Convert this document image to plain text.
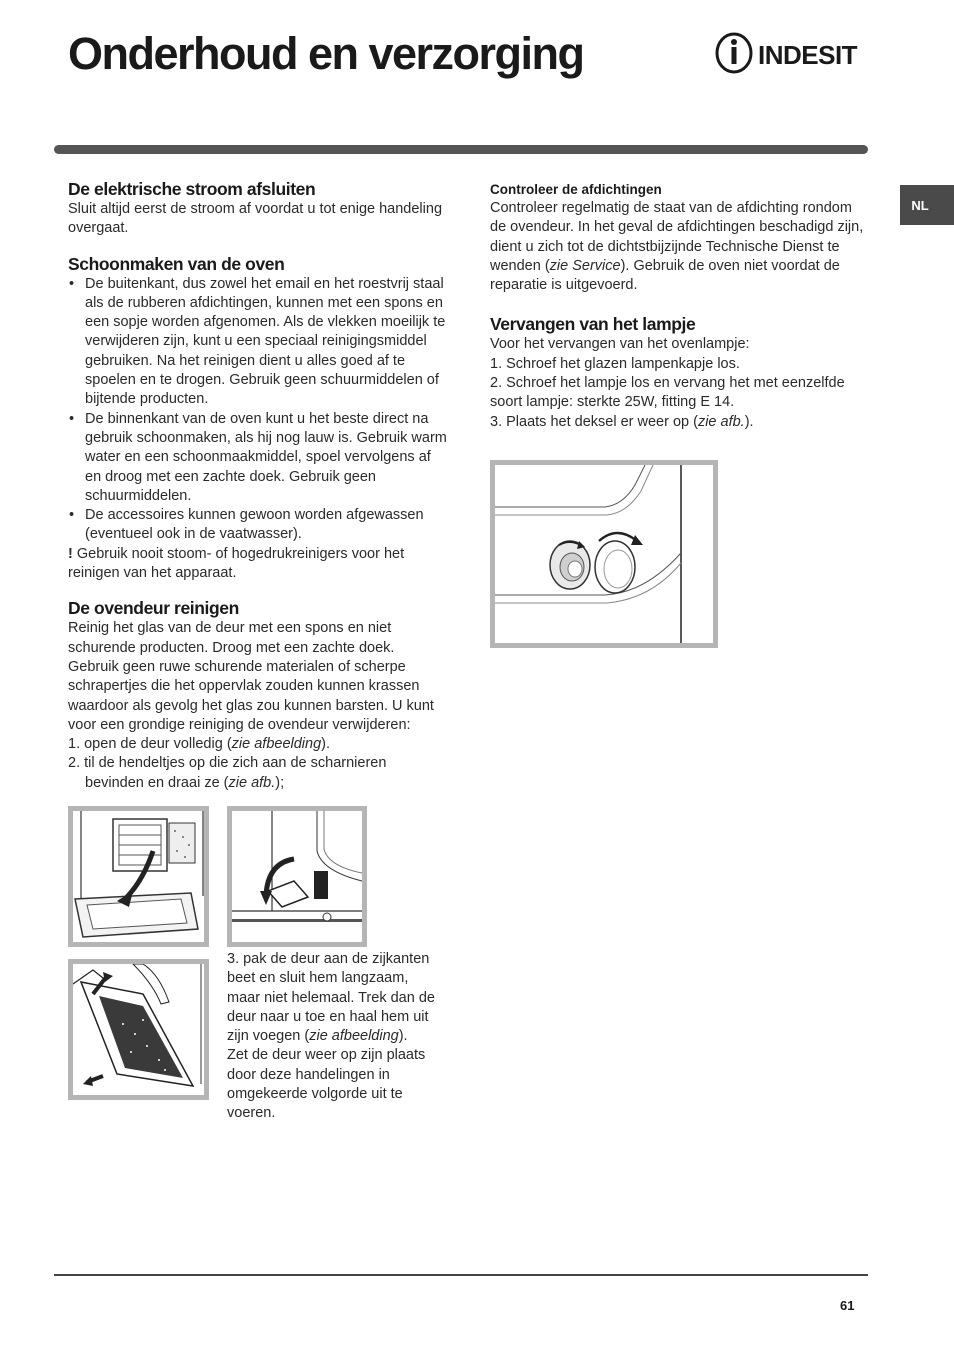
Onderhoud en verzorging	INDESIT
NL
De elektrische stroom afsluiten

Sluit altijd eerst de stroom af voordat u tot enige handeling overgaat.

Schoonmaken van de oven
• De buitenkant, dus zowel het email en het roestvrij staal als de rubberen afdichtingen, kunnen met een spons en een sopje worden afgenomen. Als de vlekken moeilijk te verwijderen zijn, kunt u een speciaal reinigingsmiddel gebruiken. Na het reinigen dient u alles goed af te spoelen en te drogen. Gebruik geen schuurmiddelen of bijtende producten.
• De binnenkant van de oven kunt u het beste direct na gebruik schoonmaken, als hij nog lauw is. Gebruik warm water en een schoonmaakmiddel, spoel vervolgens af en droog met een zachte doek. Gebruik geen schuurmiddelen.
• De accessoires kunnen gewoon worden afgewassen (eventueel ook in de vaatwasser).

! Gebruik nooit stoom- of hogedrukreinigers voor het reinigen van het apparaat.

De ovendeur reinigen

Reinig het glas van de deur met een spons en niet schurende producten. Droog met een zachte doek. Gebruik geen ruwe schurende materialen of scherpe schrapertjes die het oppervlak zouden kunnen krassen waardoor als gevolg het glas zou kunnen barsten. U kunt voor een grondige reiniging de ovendeur verwijderen:

1. open de deur volledig (zie afbeelding).

2. til de hendeltjes op die zich aan de scharnieren bevinden en draai ze (zie afb.);

3. pak de deur aan de zijkanten beet en sluit hem langzaam, maar niet helemaal. Trek dan de deur naar u toe en haal hem uit zijn voegen (zie afbeelding).

Zet de deur weer op zijn plaats door deze handelingen in omgekeerde volgorde uit te voeren.

Controleer de afdichtingen

Controleer regelmatig de staat van de afdichting rondom de ovendeur. In het geval de afdichtingen beschadigd zijn, dient u zich tot de dichtstbijzijnde Technische Dienst te wenden (zie Service). Gebruik de oven niet voordat de reparatie is uitgevoerd.

Vervangen van het lampje

Voor het vervangen van het ovenlampje:

1. Schroef het glazen lampenkapje los.

2. Schroef het lampje los en vervang het met eenzelfde soort lampje: sterkte 25W, fitting E 14.

3. Plaats het deksel er weer op (zie afb.).

61
